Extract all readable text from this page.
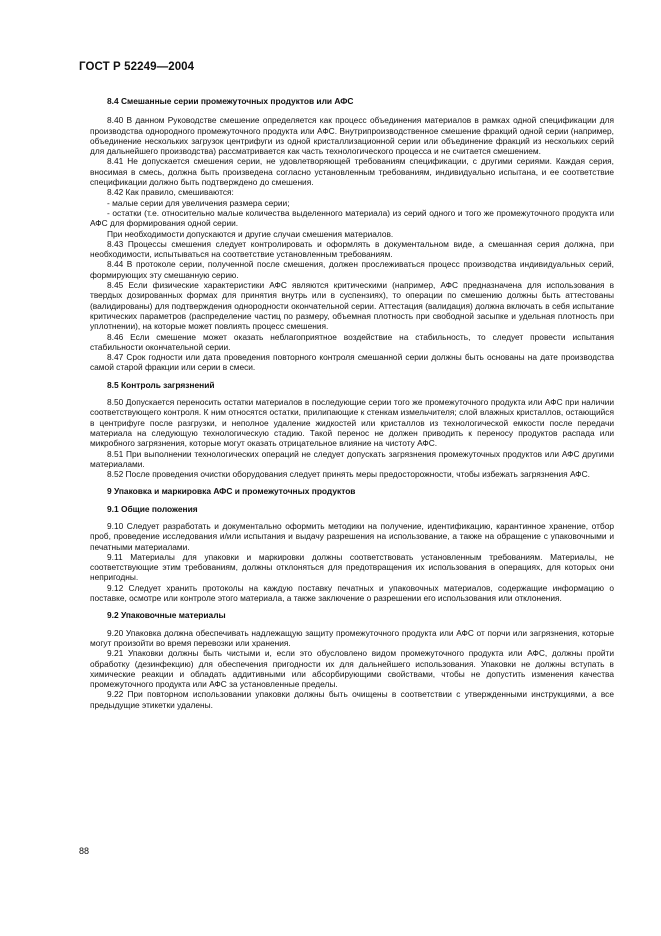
ГОСТ Р 52249—2004
8.4 Смешанные серии промежуточных продуктов или АФС

8.40 В данном Руководстве смешение определяется как процесс объединения материалов в рамках одной спецификации для производства однородного промежуточного продукта или АФС. Внутрипроизводственное смешение фракций одной серии (например, объединение нескольких загрузок центрифуги из одной кристаллизационной серии или объединение фракций из нескольких серий для дальнейшего производства) рассматривается как часть технологического процесса и не считается смешением.

8.41 Не допускается смешения серии, не удовлетворяющей требованиям спецификации, с другими сериями. Каждая серия, вносимая в смесь, должна быть произведена согласно установленным требованиям, индивидуально испытана, и ее соответствие спецификации должно быть подтверждено до смешения.

8.42 Как правило, смешиваются:

- малые серии для увеличения размера серии;

- остатки (т.е. относительно малые количества выделенного материала) из серий одного и того же промежуточного продукта или АФС для формирования одной серии.

При необходимости допускаются и другие случаи смешения материалов.

8.43 Процессы смешения следует контролировать и оформлять в документальном виде, а смешанная серия должна, при необходимости, испытываться на соответствие установленным требованиям.

8.44 В протоколе серии, полученной после смешения, должен прослеживаться процесс производства индивидуальных серий, формирующих эту смешанную серию.

8.45 Если физические характеристики АФС являются критическими (например, АФС предназначена для использования в твердых дозированных формах для принятия внутрь или в суспензиях), то операции по смешению должны быть аттестованы (валидированы) для подтверждения однородности окончательной серии. Аттестация (валидация) должна включать в себя испытание критических параметров (распределение частиц по размеру, объемная плотность при свободной засыпке и удельная плотность при уплотнении), на которые может повлиять процесс смешения.

8.46 Если смешение может оказать неблагоприятное воздействие на стабильность, то следует провести испытания стабильности окончательной серии.

8.47 Срок годности или дата проведения повторного контроля смешанной серии должны быть основаны на дате производства самой старой фракции или серии в смеси.

8.5 Контроль загрязнений

8.50 Допускается переносить остатки материалов в последующие серии того же промежуточного продукта или АФС при наличии соответствующего контроля. К ним относятся остатки, прилипающие к стенкам измельчителя; слой влажных кристаллов, остающийся в центрифуге после разгрузки, и неполное удаление жидкостей или кристаллов из технологической емкости после передачи материала на следующую технологическую стадию. Такой перенос не должен приводить к переносу продуктов распада или микробного загрязнения, которые могут оказать отрицательное влияние на чистоту АФС.

8.51 При выполнении технологических операций не следует допускать загрязнения промежуточных продуктов или АФС другими материалами.

8.52 После проведения очистки оборудования следует принять меры предосторожности, чтобы избежать загрязнения АФС.

9 Упаковка и маркировка АФС и промежуточных продуктов
9.1 Общие положения

9.10 Следует разработать и документально оформить методики на получение, идентификацию, карантинное хранение, отбор проб, проведение исследования и/или испытания и выдачу разрешения на использование, а также на обращение с упаковочными и печатными материалами.

9.11 Материалы для упаковки и маркировки должны соответствовать установленным требованиям. Материалы, не соответствующие этим требованиям, должны отклоняться для предотвращения их использования в операциях, для которых они непригодны.

9.12 Следует хранить протоколы на каждую поставку печатных и упаковочных материалов, содержащие информацию о поставке, осмотре или контроле этого материала, а также заключение о разрешении его использования или отклонения.

9.2 Упаковочные материалы

9.20 Упаковка должна обеспечивать надлежащую защиту промежуточного продукта или АФС от порчи или загрязнения, которые могут произойти во время перевозки или хранения.

9.21 Упаковки должны быть чистыми и, если это обусловлено видом промежуточного продукта или АФС, должны пройти обработку (дезинфекцию) для обеспечения пригодности их для дальнейшего использования. Упаковки не должны вступать в химические реакции и обладать аддитивными или абсорбирующими свойствами, чтобы не допустить изменения качества промежуточного продукта или АФС за установленные пределы.

9.22 При повторном использовании упаковки должны быть очищены в соответствии с утвержденными инструкциями, а все предыдущие этикетки удалены.

88
